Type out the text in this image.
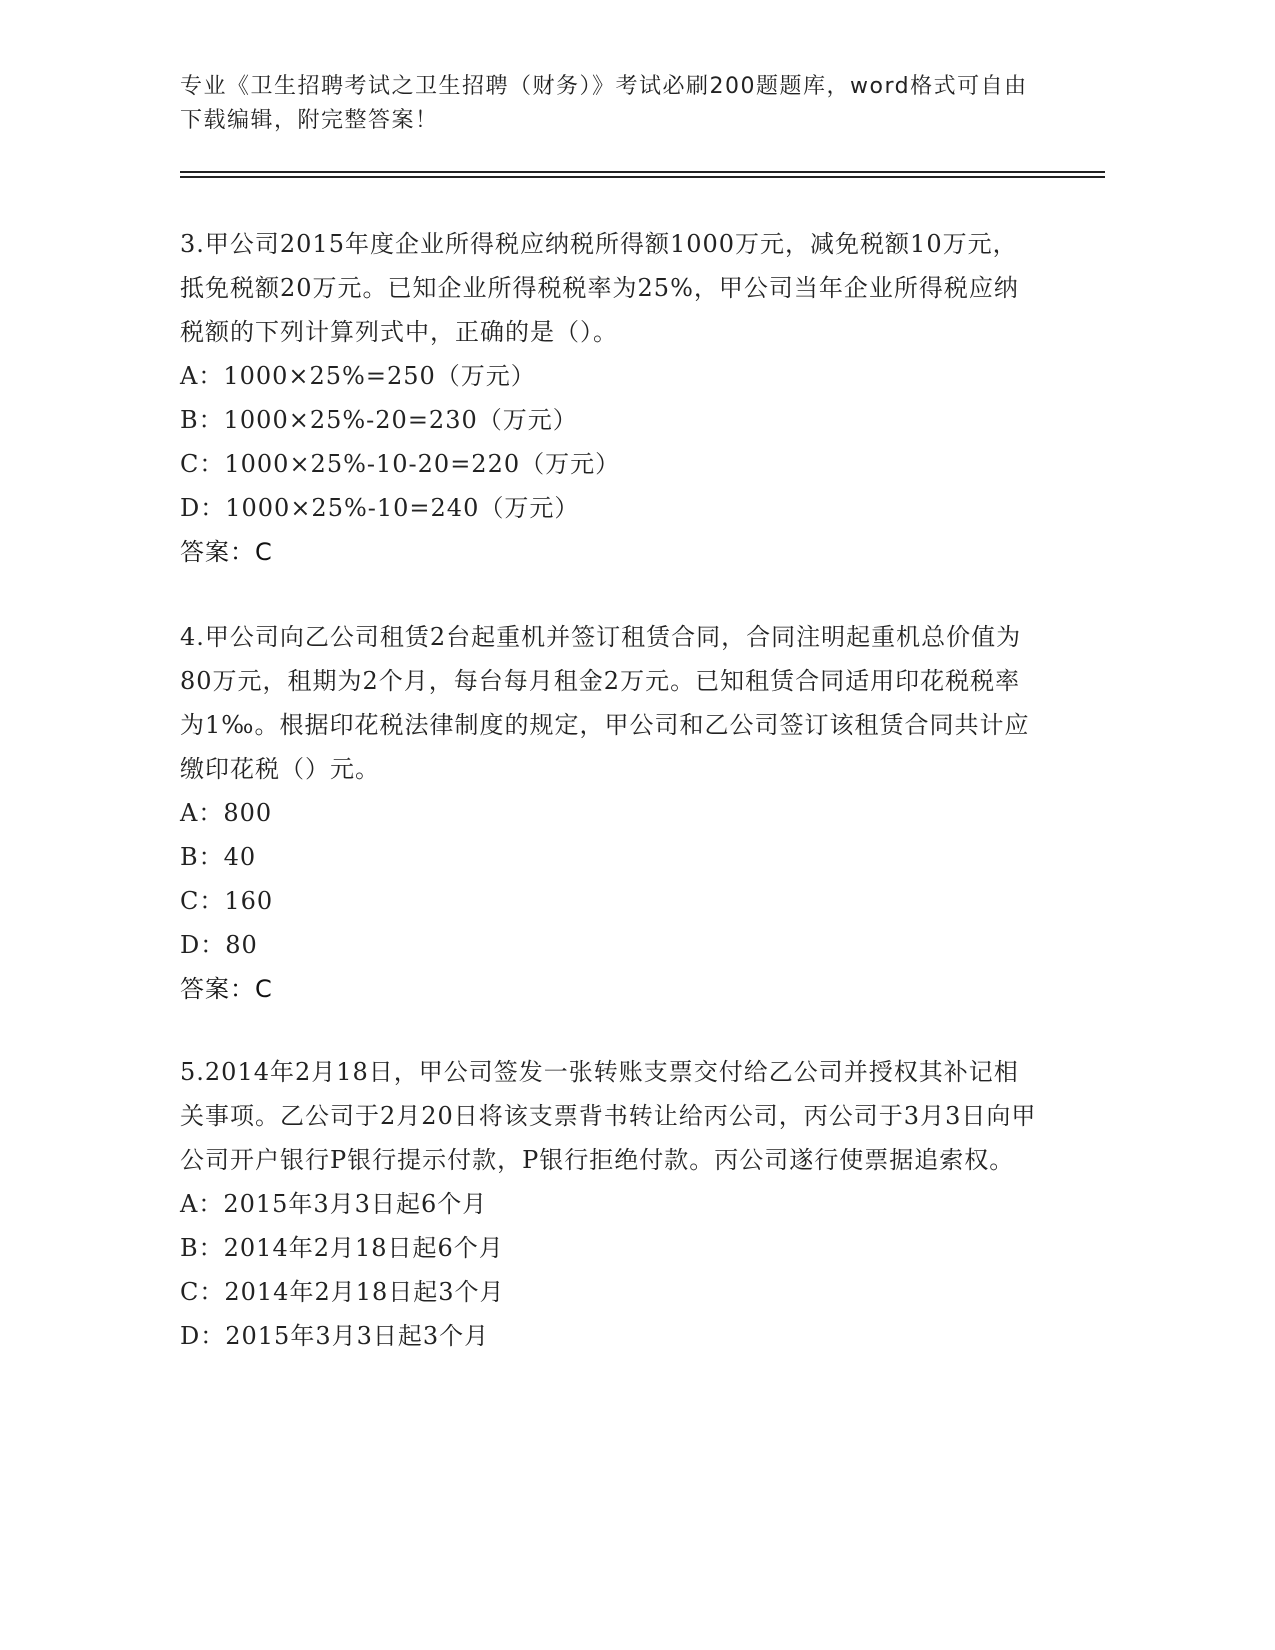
专业《卫生招聘考试之卫生招聘（财务）》考试必刷200题题库，word格式可自由下载编辑，附完整答案！
3.甲公司2015年度企业所得税应纳税所得额1000万元，减免税额10万元，抵免税额20万元。已知企业所得税税率为25%，甲公司当年企业所得税应纳税额的下列计算列式中，正确的是（）。
A：1000×25%=250（万元）
B：1000×25%-20=230（万元）
C：1000×25%-10-20=220（万元）
D：1000×25%-10=240（万元）
答案：C
4.甲公司向乙公司租赁2台起重机并签订租赁合同，合同注明起重机总价值为80万元，租期为2个月，每台每月租金2万元。已知租赁合同适用印花税税率为1‰。根据印花税法律制度的规定，甲公司和乙公司签订该租赁合同共计应缴印花税（）元。
A：800
B：40
C：160
D：80
答案：C
5.2014年2月18日，甲公司签发一张转账支票交付给乙公司并授权其补记相关事项。乙公司于2月20日将该支票背书转让给丙公司，丙公司于3月3日向甲公司开户银行P银行提示付款，P银行拒绝付款。丙公司遂行使票据追索权。
A：2015年3月3日起6个月
B：2014年2月18日起6个月
C：2014年2月18日起3个月
D：2015年3月3日起3个月
